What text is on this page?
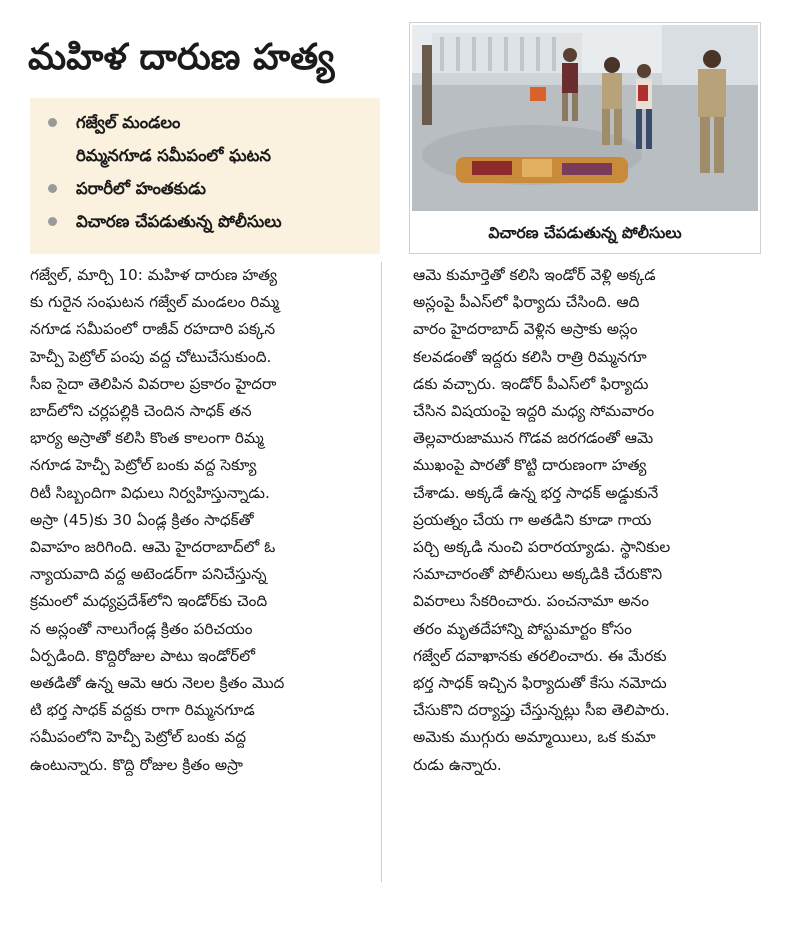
మహిళ దారుణ హత్య
గజ్వేల్ మండలం
రిమ్మనగూడ సమీపంలో ఘటన
పరారీలో హంతకుడు
విచారణ చేపడుతున్న పోలీసులు
విచారణ చేపడుతున్న పోలీసులు
గజ్వేల్, మార్చి 10: మహిళ దారుణ హత్య
కు గురైన సంఘటన గజ్వేల్ మండలం రిమ్మ
నగూడ సమీపంలో రాజీవ్ రహదారి పక్కన
హెచ్పీ పెట్రోల్ పంపు వద్ద చోటుచేసుకుంది.
సీఐ సైదా తెలిపిన వివరాల ప్రకారం హైదరా
బాద్‌లోని చర్లపల్లికి చెందిన సాధక్ తన
భార్య అస్రాతో కలిసి కొంత కాలంగా రిమ్మ
నగూడ హెచ్పీ పెట్రోల్ బంకు వద్ద సెక్యూ
రిటీ సిబ్బందిగా విధులు నిర్వహిస్తున్నాడు.
అస్రా (45)కు 30 ఏండ్ల క్రితం సాధక్‌తో
వివాహం జరిగింది. ఆమె హైదరాబాద్‌లో ఓ
న్యాయవాది వద్ద అటెండర్‌గా పనిచేస్తున్న
క్రమంలో మధ్యప్రదేశ్‌లోని ఇండోర్‌కు చెంది
న అస్లంతో నాలుగేండ్ల క్రితం పరిచయం
ఏర్పడింది. కొద్దిరోజుల పాటు ఇండోర్‌లో
అతడితో ఉన్న ఆమె ఆరు నెలల క్రితం మొద
టి భర్త సాధక్ వద్దకు రాగా రిమ్మనగూడ
సమీపంలోని హెచ్పీ పెట్రోల్ బంకు వద్ద
ఉంటున్నారు. కొద్ది రోజుల క్రితం అస్రా
ఆమె కుమార్తెతో కలిసి ఇండోర్ వెళ్లి అక్కడ
అస్లంపై పీఎస్‌లో ఫిర్యాదు చేసింది. ఆది
వారం హైదరాబాద్ వెళ్లిన అస్రాకు అస్లం
కలవడంతో ఇద్దరు కలిసి రాత్రి రిమ్మనగూ
డకు వచ్చారు. ఇండోర్ పీఎస్‌లో ఫిర్యాదు
చేసిన విషయంపై ఇద్దరి మధ్య సోమవారం
తెల్లవారుజామున గొడవ జరగడంతో ఆమె
ముఖంపై పారతో కొట్టి దారుణంగా హత్య
చేశాడు. అక్కడే ఉన్న భర్త సాధక్ అడ్డుకునే
ప్రయత్నం చేయ గా అతడిని కూడా గాయ
పర్చి అక్కడి నుంచి పరారయ్యాడు. స్థానికుల
సమాచారంతో పోలీసులు అక్కడికి చేరుకొని
వివరాలు సేకరించారు. పంచనామా అనం
తరం మృతదేహాన్ని పోస్టుమార్టం కోసం
గజ్వేల్ దవాఖానకు తరలించారు. ఈ మేరకు
భర్త సాధక్ ఇచ్చిన ఫిర్యాదుతో కేసు నమోదు
చేసుకొని దర్యాప్తు చేస్తున్నట్లు సీఐ తెలిపారు.
అమెకు ముగ్గురు అమ్మాయిలు, ఒక కుమా
రుడు ఉన్నారు.
